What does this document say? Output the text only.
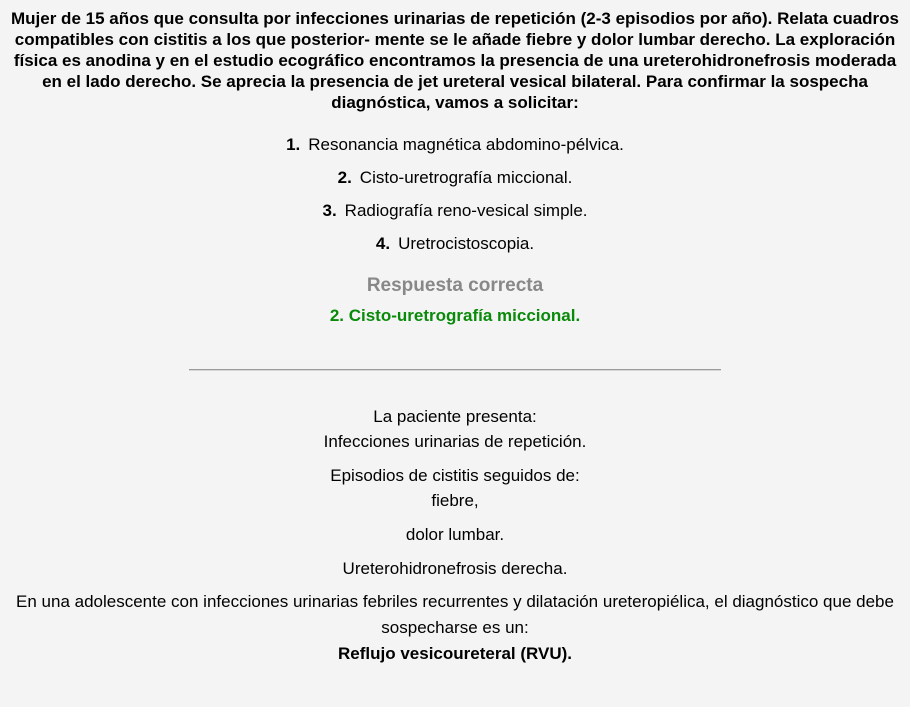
Mujer de 15 años que consulta por infecciones urinarias de repetición (2-3 episodios por año). Relata cuadros compatibles con cistitis a los que posterior- mente se le añade fiebre y dolor lumbar derecho. La exploración física es anodina y en el estudio ecográfico encontramos la presencia de una ureterohidronefrosis moderada en el lado derecho. Se aprecia la presencia de jet ureteral vesical bilateral. Para confirmar la sospecha diagnóstica, vamos a solicitar:

1. Resonancia magnética abdomino-pélvica.
2. Cisto-uretrografía miccional.
3. Radiografía reno-vesical simple.
4. Uretrocistoscopia.
Respuesta correcta
2. Cisto-uretrografía miccional.
La paciente presenta:
Infecciones urinarias de repetición.
Episodios de cistitis seguidos de:
fiebre,
dolor lumbar.
Ureterohidronefrosis derecha.
En una adolescente con infecciones urinarias febriles recurrentes y dilatación ureteropiélica, el diagnóstico que debe sospecharse es un:
Reflujo vesicoureteral (RVU).
